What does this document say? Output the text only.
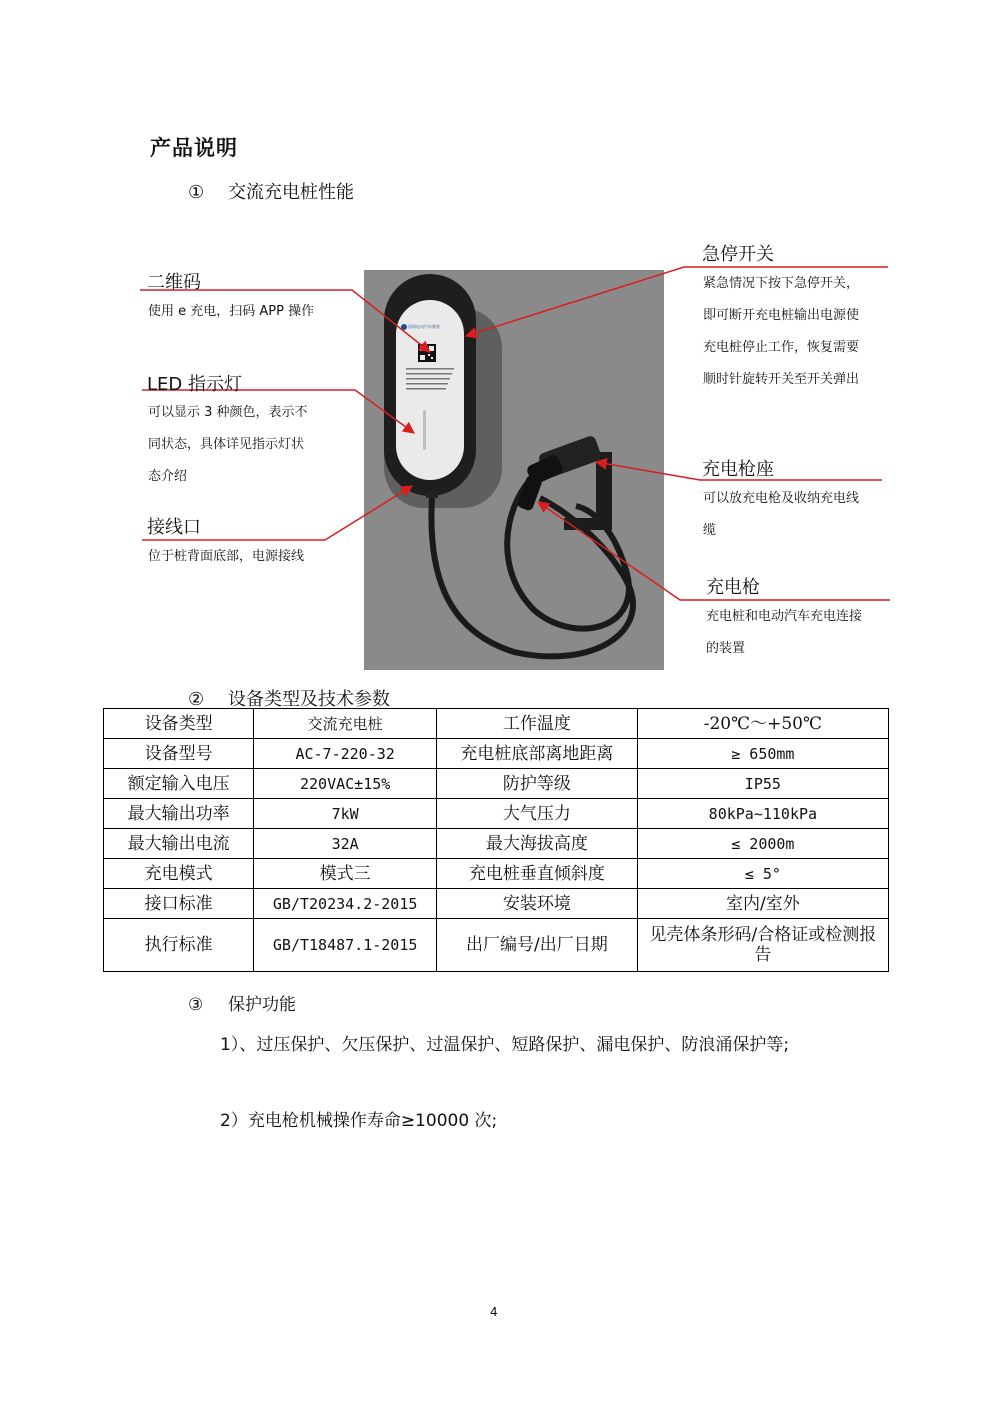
产品说明
① 交流充电桩性能
国网电动汽车服务
二维码
使用 e 充电，扫码 APP 操作
LED 指示灯
可以显示 3 种颜色，表示不
同状态，具体详见指示灯状
态介绍
接线口
位于桩背面底部，电源接线
急停开关
紧急情况下按下急停开关，
即可断开充电桩输出电源使
充电桩停止工作，恢复需要
顺时针旋转开关至开关弹出
充电枪座
可以放充电枪及收纳充电线
缆
充电枪
充电桩和电动汽车充电连接
的装置
② 设备类型及技术参数
设备类型	交流充电桩	工作温度	-20℃～+50℃
设备型号	AC-7-220-32	充电桩底部离地距离	≥ 650mm
额定输入电压	220VAC±15%	防护等级	IP55
最大输出功率	7kW	大气压力	80kPa~110kPa
最大输出电流	32A	最大海拔高度	≤ 2000m
充电模式	模式三	充电桩垂直倾斜度	≤ 5°
接口标准	GB/T20234.2-2015	安装环境	室内/室外
执行标准	GB/T18487.1-2015	出厂编号/出厂日期	见壳体条形码/合格证或检测报告
③ 保护功能
1）、过压保护、欠压保护、过温保护、短路保护、漏电保护、防浪涌保护等;
2）充电枪机械操作寿命≥10000 次;
4
